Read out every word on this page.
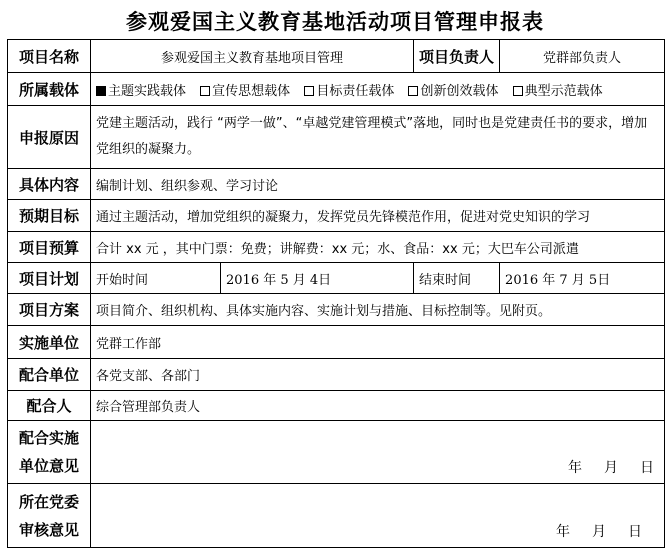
参观爱国主义教育基地活动项目管理申报表
项目名称	参观爱国主义教育基地项目管理		项目负责人	党群部负责人
所属载体	主题实践载体 宣传思想载体 目标责任载体 创新创效载体 典型示范载体			
申报原因	党建主题活动，践行 “两学一做”、“卓越党建管理模式”落地，同时也是党建责任书的要求，增加党组织的凝聚力。			
具体内容	编制计划、组织参观、学习讨论			
预期目标	通过主题活动，增加党组织的凝聚力，发挥党员先锋模范作用，促进对党史知识的学习			
项目预算	合计 xx 元 ，其中门票：免费；讲解费：xx 元；水、食品：xx 元；大巴车公司派遣			
项目计划	开始时间	2016 年 5 月 4日	结束时间	2016 年 7 月 5日
项目方案	项目简介、组织机构、具体实施内容、实施计划与措施、目标控制等。见附页。			
实施单位	党群工作部			
配合单位	各党支部、各部门			
配合人	综合管理部负责人			

配合实施
单位意见	年 月 日			

所在党委
审核意见	年 月 日			
